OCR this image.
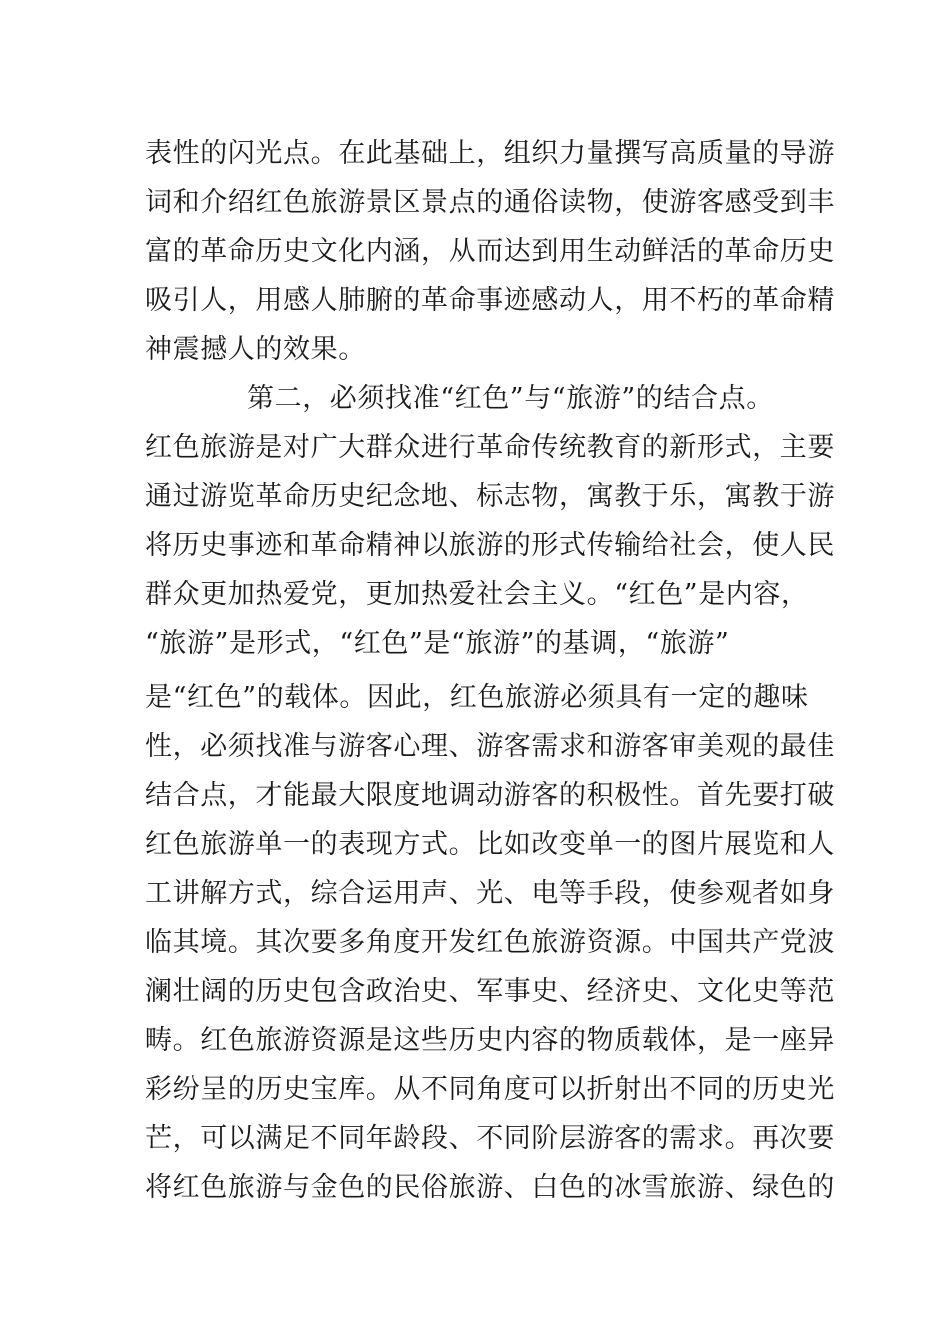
表性的闪光点。在此基础上，组织力量撰写高质量的导游
词和介绍红色旅游景区景点的通俗读物，使游客感受到丰
富的革命历史文化内涵，从而达到用生动鲜活的革命历史
吸引人，用感人肺腑的革命事迹感动人，用不朽的革命精
神震撼人的效果。
第二，必须找准“红色”与“旅游”的结合点。
红色旅游是对广大群众进行革命传统教育的新形式，主要
通过游览革命历史纪念地、标志物，寓教于乐，寓教于游
将历史事迹和革命精神以旅游的形式传输给社会，使人民
群众更加热爱党，更加热爱社会主义。“红色”是内容，
“旅游”是形式，“红色”是“旅游”的基调，“旅游”
是“红色”的载体。因此，红色旅游必须具有一定的趣味
性，必须找准与游客心理、游客需求和游客审美观的最佳
结合点，才能最大限度地调动游客的积极性。首先要打破
红色旅游单一的表现方式。比如改变单一的图片展览和人
工讲解方式，综合运用声、光、电等手段，使参观者如身
临其境。其次要多角度开发红色旅游资源。中国共产党波
澜壮阔的历史包含政治史、军事史、经济史、文化史等范
畴。红色旅游资源是这些历史内容的物质载体，是一座异
彩纷呈的历史宝库。从不同角度可以折射出不同的历史光
芒，可以满足不同年龄段、不同阶层游客的需求。再次要
将红色旅游与金色的民俗旅游、白色的冰雪旅游、绿色的
